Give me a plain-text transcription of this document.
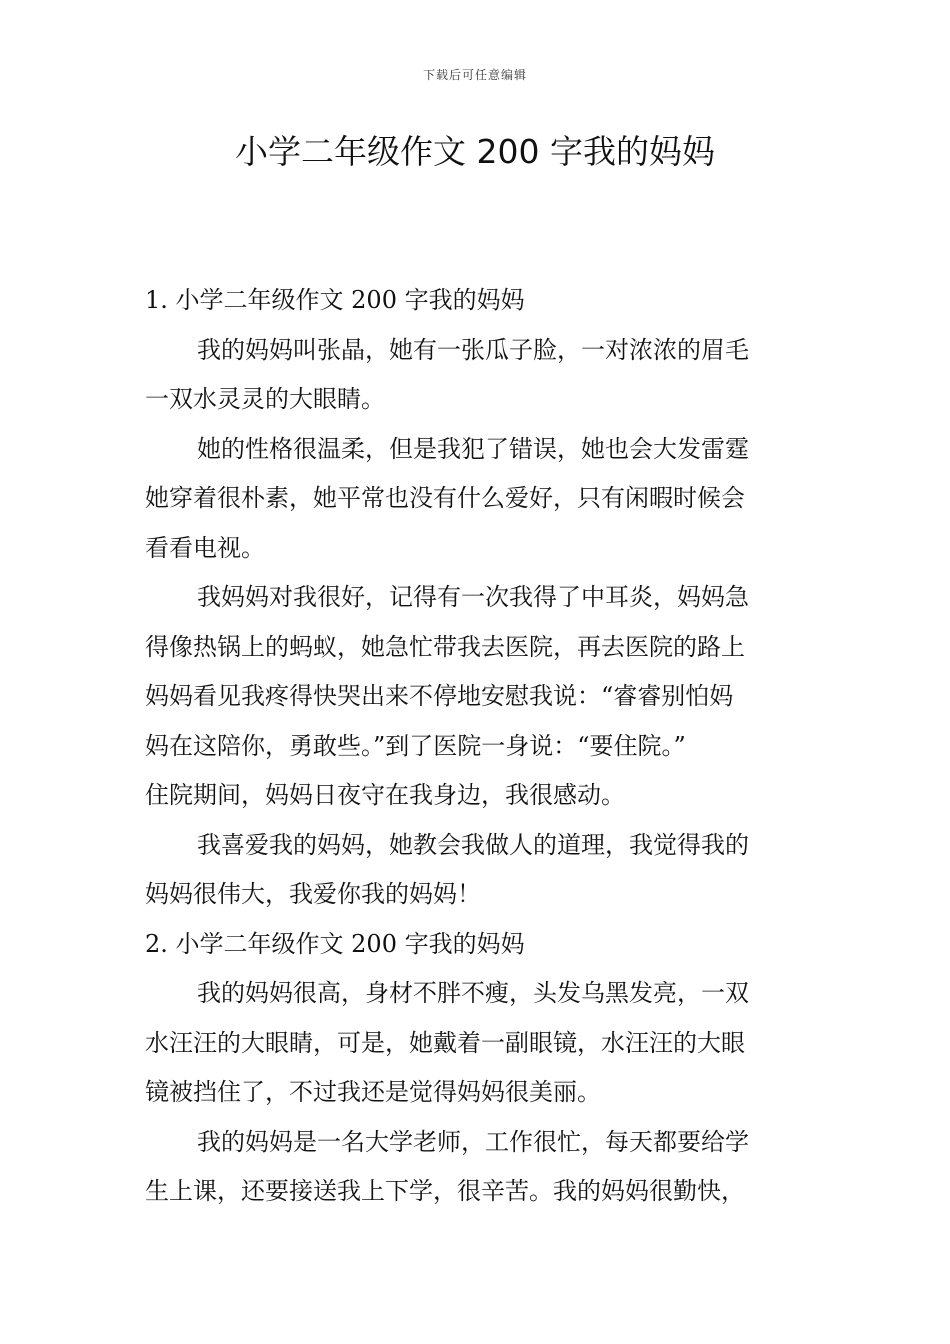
下载后可任意编辑
小学二年级作文 200 字我的妈妈

1. 小学二年级作文 200 字我的妈妈

我的妈妈叫张晶，她有一张瓜子脸，一对浓浓的眉毛
一双水灵灵的大眼睛。

她的性格很温柔，但是我犯了错误，她也会大发雷霆
她穿着很朴素，她平常也没有什么爱好，只有闲暇时候会
看看电视。

我妈妈对我很好，记得有一次我得了中耳炎，妈妈急
得像热锅上的蚂蚁，她急忙带我去医院，再去医院的路上
妈妈看见我疼得快哭出来不停地安慰我说：“睿睿别怕妈
妈在这陪你，勇敢些。”到了医院一身说：“要住院。”
住院期间，妈妈日夜守在我身边，我很感动。

我喜爱我的妈妈，她教会我做人的道理，我觉得我的
妈妈很伟大，我爱你我的妈妈！

2. 小学二年级作文 200 字我的妈妈

我的妈妈很高，身材不胖不瘦，头发乌黑发亮，一双
水汪汪的大眼睛，可是，她戴着一副眼镜，水汪汪的大眼
镜被挡住了，不过我还是觉得妈妈很美丽。

我的妈妈是一名大学老师，工作很忙，每天都要给学
生上课，还要接送我上下学，很辛苦。我的妈妈很勤快，
